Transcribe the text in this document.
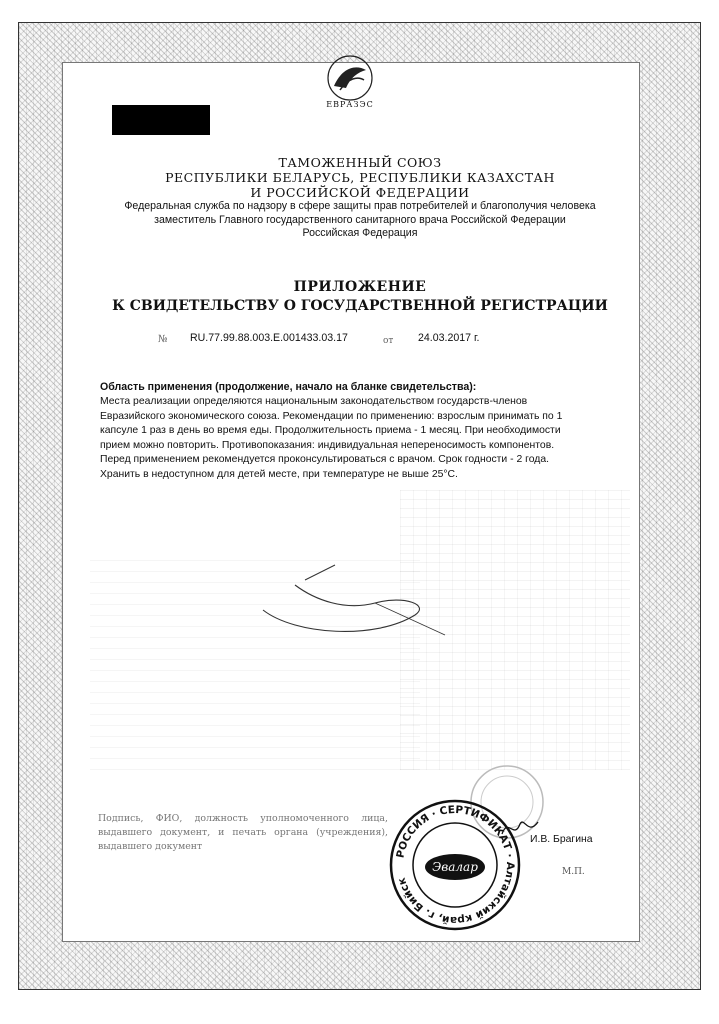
ЕВРАЗЭС
ТАМОЖЕННЫЙ СОЮЗ
РЕСПУБЛИКИ БЕЛАРУСЬ, РЕСПУБЛИКИ КАЗАХСТАН
И РОССИЙСКОЙ ФЕДЕРАЦИИ
Федеральная служба по надзору в сфере защиты прав потребителей и благополучия человека
заместитель Главного государственного санитарного врача Российской Федерации
Российская Федерация
ПРИЛОЖЕНИЕ
К СВИДЕТЕЛЬСТВУ О ГОСУДАРСТВЕННОЙ РЕГИСТРАЦИИ
№ RU.77.99.88.003.Е.001433.03.17	от 24.03.2017 г.
Область применения (продолжение, начало на бланке свидетельства):
Места реализации определяются национальным законодательством государств-членов
Евразийского экономического союза. Рекомендации по применению: взрослым принимать по 1
капсуле 1 раз в день во время еды. Продолжительность приема - 1 месяц. При необходимости
прием можно повторить. Противопоказания: индивидуальная непереносимость компонентов.
Перед применением рекомендуется проконсультироваться с врачом. Срок годности - 2 года.
Хранить в недоступном для детей месте, при температуре не выше 25°С.
Подпись, ФИО, должность уполномоченного лица, выдавшего документ, и печать органа (учреждения), выдавшего документ
РОССИЯ · СЕРТИФИКАТ · Алтайский край, г. Бийск
Эвалар
И.В. Брагина
М.П.
